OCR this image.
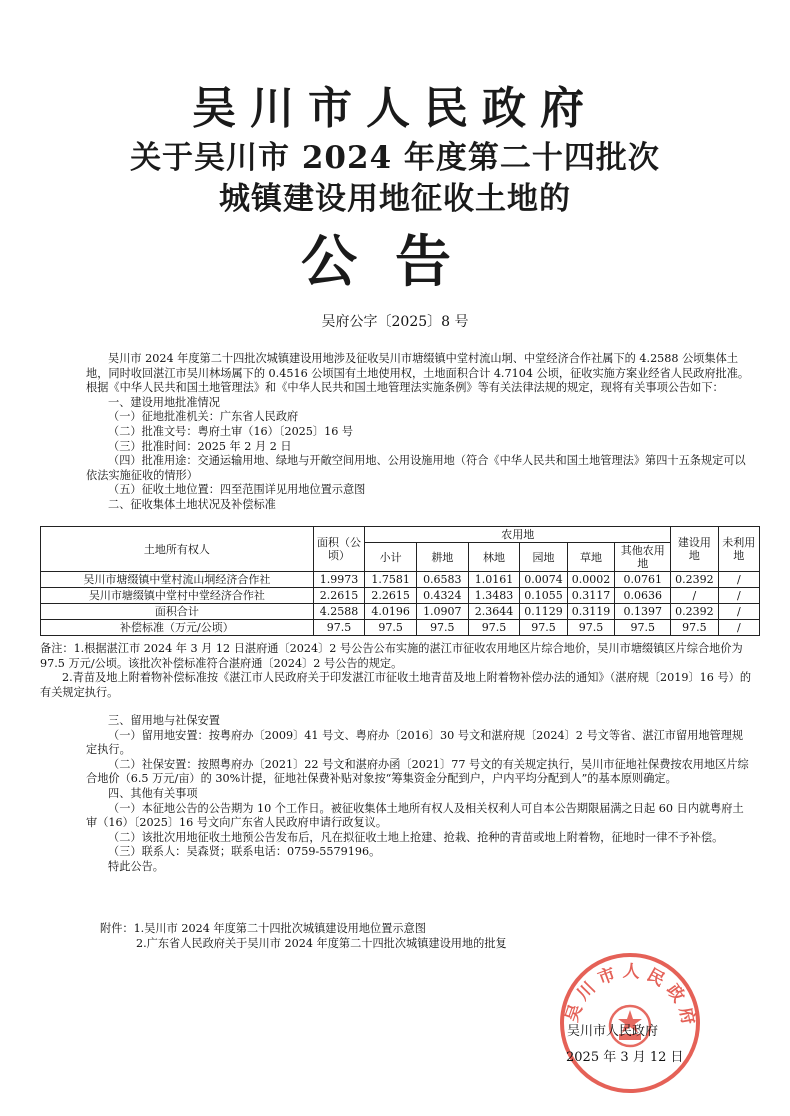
吴川市人民政府
关于吴川市 2024 年度第二十四批次
城镇建设用地征收土地的
公告
吴府公字〔2025〕8 号

吴川市 2024 年度第二十四批次城镇建设用地涉及征收吴川市塘缀镇中堂村流山垌、中堂经济合作社属下的 4.2588 公顷集体土地，同时收回湛江市吴川林场属下的 0.4516 公顷国有土地使用权，土地面积合计 4.7104 公顷，征收实施方案业经省人民政府批准。根据《中华人民共和国土地管理法》和《中华人民共和国土地管理法实施条例》等有关法律法规的规定，现将有关事项公告如下：

一、建设用地批准情况

（一）征地批准机关：广东省人民政府

（二）批准文号：粤府土审（16）〔2025〕16 号

（三）批准时间：2025 年 2 月 2 日

（四）批准用途：交通运输用地、绿地与开敞空间用地、公用设施用地（符合《中华人民共和国土地管理法》第四十五条规定可以依法实施征收的情形）

（五）征收土地位置：四至范围详见用地位置示意图

二、征收集体土地状况及补偿标准

土地所有权人	面积（公顷）	农用地						建设用地	未利用地
		小计	耕地	林地	园地	草地	其他农用地		
吴川市塘缀镇中堂村流山垌经济合作社	1.9973	1.7581	0.6583	1.0161	0.0074	0.0002	0.0761	0.2392	/
吴川市塘缀镇中堂村中堂经济合作社	2.2615	2.2615	0.4324	1.3483	0.1055	0.3117	0.0636	/	/
面积合计	4.2588	4.0196	1.0907	2.3644	0.1129	0.3119	0.1397	0.2392	/
补偿标准（万元/公顷）	97.5	97.5	97.5	97.5	97.5	97.5	97.5	97.5	/

备注：1.根据湛江市 2024 年 3 月 12 日湛府通〔2024〕2 号公告公布实施的湛江市征收农用地区片综合地价，吴川市塘缀镇区片综合地价为 97.5 万元/公顷。该批次补偿标准符合湛府通〔2024〕2 号公告的规定。

2.青苗及地上附着物补偿标准按《湛江市人民政府关于印发湛江市征收土地青苗及地上附着物补偿办法的通知》（湛府规〔2019〕16 号）的有关规定执行。

三、留用地与社保安置

（一）留用地安置：按粤府办〔2009〕41 号文、粤府办〔2016〕30 号文和湛府规〔2024〕2 号文等省、湛江市留用地管理规定执行。

（二）社保安置：按照粤府办〔2021〕22 号文和湛府办函〔2021〕77 号文的有关规定执行，吴川市征地社保费按农用地区片综合地价（6.5 万元/亩）的 30%计提，征地社保费补贴对象按“筹集资金分配到户，户内平均分配到人”的基本原则确定。

四、其他有关事项

（一）本征地公告的公告期为 10 个工作日。被征收集体土地所有权人及相关权利人可自本公告期限届满之日起 60 日内就粤府土审（16）〔2025〕16 号文向广东省人民政府申请行政复议。

（二）该批次用地征收土地预公告发布后，凡在拟征收土地上抢建、抢栽、抢种的青苗或地上附着物，征地时一律不予补偿。

（三）联系人：吴森贤；联系电话：0759-5579196。

特此公告。

附件：1.吴川市 2024 年度第二十四批次城镇建设用地位置示意图

2.广东省人民政府关于吴川市 2024 年度第二十四批次城镇建设用地的批复

吴川市人民政府
吴川市人民政府
2025 年 3 月 12 日
